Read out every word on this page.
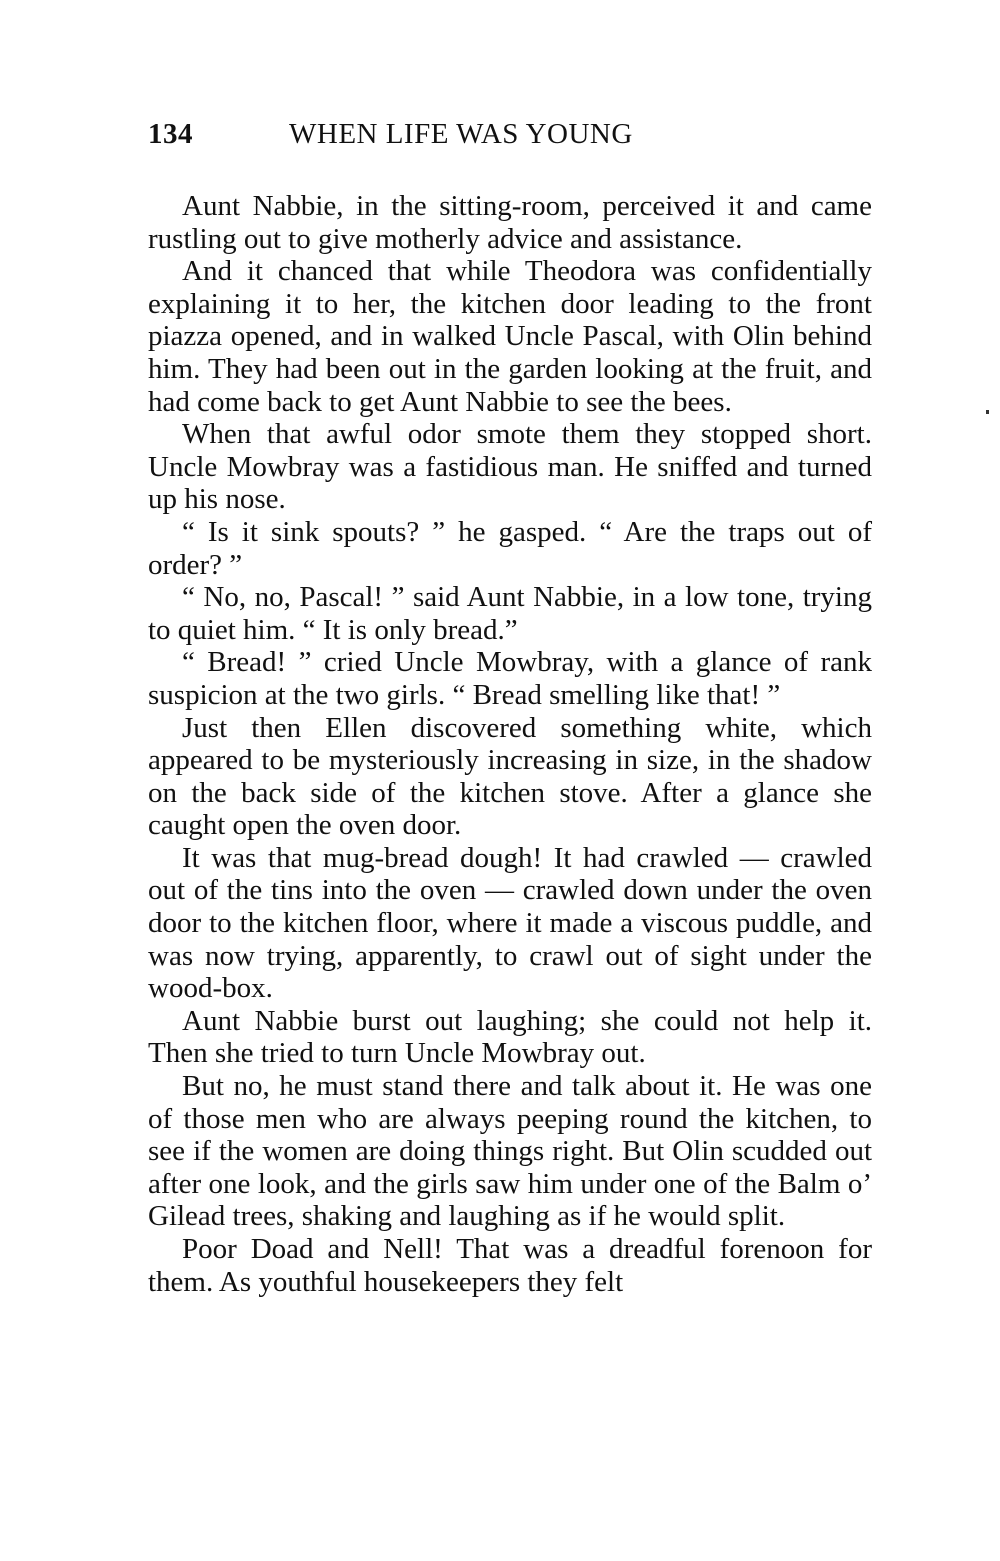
134	WHEN LIFE WAS YOUNG

Aunt Nabbie, in the sitting-room, perceived it and came rustling out to give motherly advice and assistance.

And it chanced that while Theodora was confidentially explaining it to her, the kitchen door leading to the front piazza opened, and in walked Uncle Pascal, with Olin behind him. They had been out in the garden looking at the fruit, and had come back to get Aunt Nabbie to see the bees.

When that awful odor smote them they stopped short. Uncle Mowbray was a fastidious man. He sniffed and turned up his nose.

“ Is it sink spouts? ” he gasped. “ Are the traps out of order? ”

“ No, no, Pascal! ” said Aunt Nabbie, in a low tone, trying to quiet him. “ It is only bread.”

“ Bread! ” cried Uncle Mowbray, with a glance of rank suspicion at the two girls. “ Bread smelling like that! ”

Just then Ellen discovered something white, which appeared to be mysteriously increasing in size, in the shadow on the back side of the kitchen stove. After a glance she caught open the oven door.

It was that mug-bread dough! It had crawled — crawled out of the tins into the oven — crawled down under the oven door to the kitchen floor, where it made a viscous puddle, and was now trying, apparently, to crawl out of sight under the wood-box.

Aunt Nabbie burst out laughing; she could not help it. Then she tried to turn Uncle Mowbray out.

But no, he must stand there and talk about it. He was one of those men who are always peeping round the kitchen, to see if the women are doing things right. But Olin scudded out after one look, and the girls saw him under one of the Balm o’ Gilead trees, shaking and laughing as if he would split.

Poor Doad and Nell! That was a dreadful forenoon for them. As youthful housekeepers they felt
